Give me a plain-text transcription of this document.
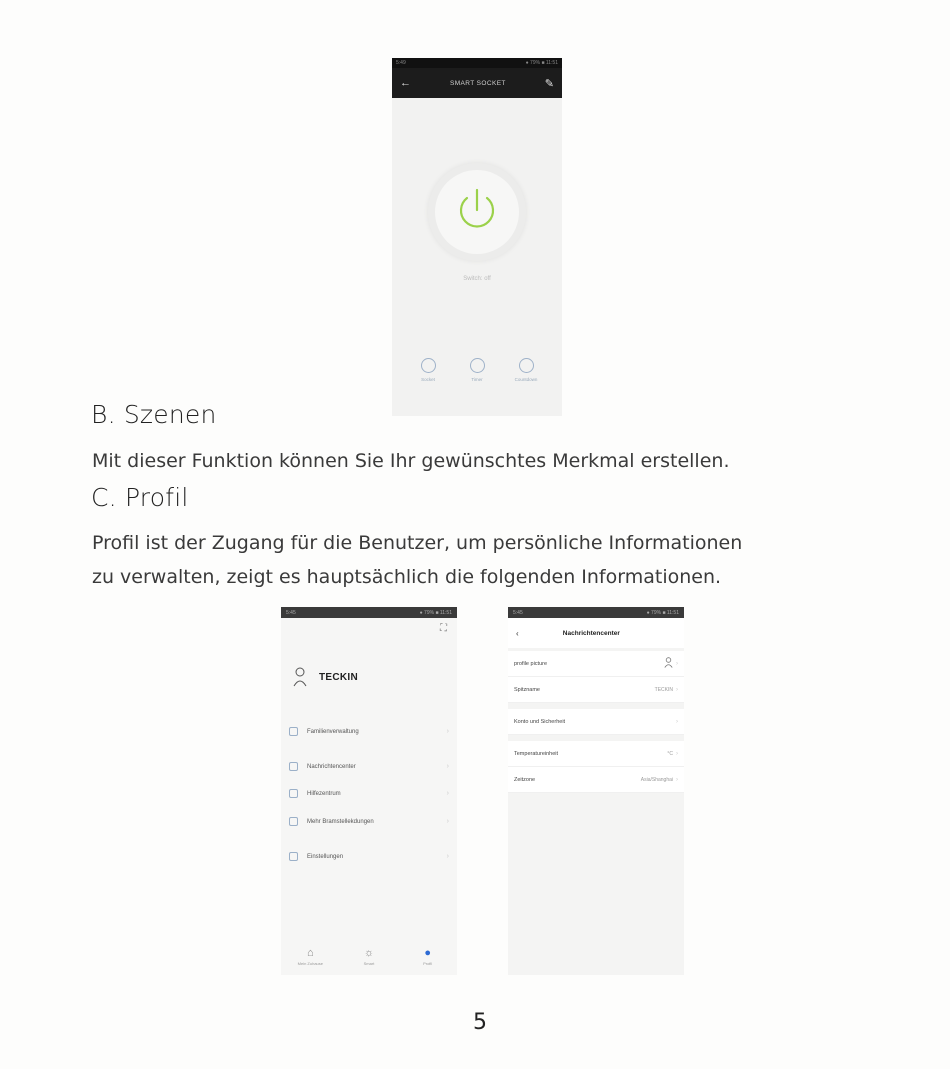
5:49	● 79% ■ 11:51
←	SMART SOCKET	✎
Switch: off
Socket	Timer	Countdown
B. Szenen
Mit dieser Funktion können Sie Ihr gewünschtes Merkmal erstellen.
C. Profil
Profil ist der Zugang für die Benutzer, um persönliche Informationen
zu verwalten, zeigt es hauptsächlich die folgenden Informationen.
5:45	● 79% ■ 11:51
⛶
TECKIN
Familienverwaltung	›
Nachrichtencenter	›
Hilfezentrum	›
Mehr Bramstellekdungen	›
Einstellungen	›
⌂
Mein Zuhause
☼
Smart
●
Profil
5:45	● 79% ■ 11:51
‹	Nachrichtencenter
profile picture	›
Spitzname	TECKIN ›
Konto und Sicherheit	›
Temperatureinheit	°C ›
Zeitzone	Asia/Shanghai ›
5
